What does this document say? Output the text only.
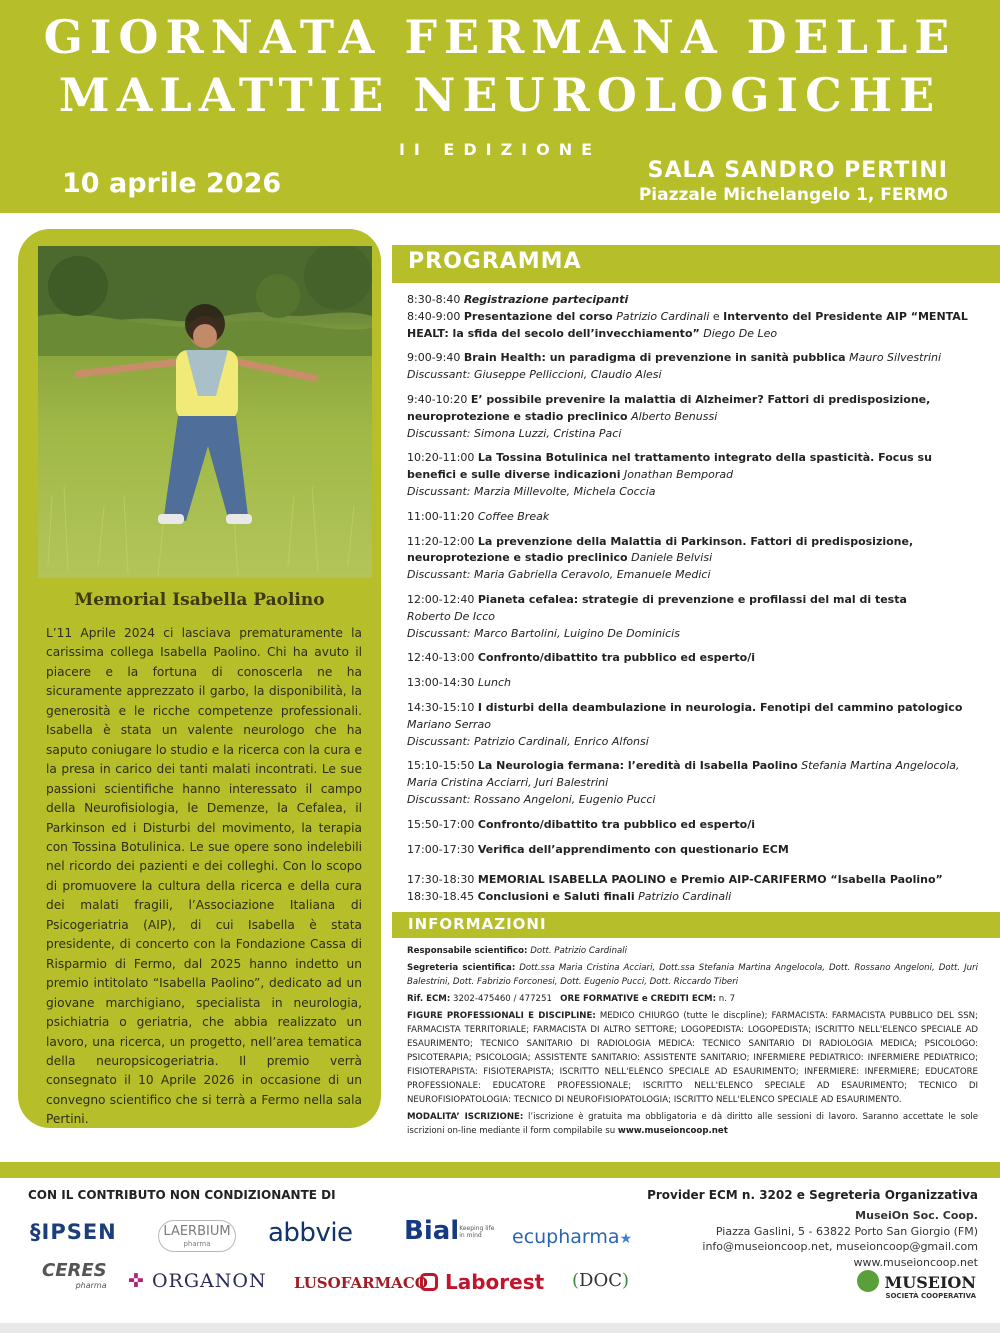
GIORNATA FERMANA DELLE
MALATTIE NEUROLOGICHE
II EDIZIONE
10 aprile 2026	SALA SANDRO PERTINI
Piazzale Michelangelo 1, FERMO
Memorial Isabella Paolino
L’11 Aprile 2024 ci lasciava prematuramente la carissima collega Isabella Paolino. Chi ha avuto il piacere e la fortuna di conoscerla ne ha sicuramente apprezzato il garbo, la disponibilità, la generosità e le ricche competenze professionali. Isabella è stata un valente neurologo che ha saputo coniugare lo studio e la ricerca con la cura e la presa in carico dei tanti malati incontrati. Le sue passioni scientifiche hanno interessato il campo della Neurofisiologia, le Demenze, la Cefalea, il Parkinson ed i Disturbi del movimento, la terapia con Tossina Botulinica. Le sue opere sono indelebili nel ricordo dei pazienti e dei colleghi. Con lo scopo di promuovere la cultura della ricerca e della cura dei malati fragili, l’Associazione Italiana di Psicogeriatria (AIP), di cui Isabella è stata presidente, di concerto con la Fondazione Cassa di Risparmio di Fermo, dal 2025 hanno indetto un premio intitolato “Isabella Paolino”, dedicato ad un giovane marchigiano, specialista in neurologia, psichiatria o geriatria, che abbia realizzato un lavoro, una ricerca, un progetto, nell’area tematica della neuropsicogeriatria. Il premio verrà consegnato il 10 Aprile 2026 in occasione di un convegno scientifico che si terrà a Fermo nella sala Pertini.
PROGRAMMA
8:30-8:40 Registrazione partecipanti
8:40-9:00 Presentazione del corso Patrizio Cardinali e Intervento del Presidente AIP “MENTAL HEALT: la sfida del secolo dell’invecchiamento” Diego De Leo
9:00-9:40 Brain Health: un paradigma di prevenzione in sanità pubblica Mauro Silvestrini
Discussant: Giuseppe Pelliccioni, Claudio Alesi
9:40-10:20 E’ possibile prevenire la malattia di Alzheimer? Fattori di predisposizione, neuroprotezione e stadio preclinico Alberto Benussi
Discussant: Simona Luzzi, Cristina Paci
10:20-11:00 La Tossina Botulinica nel trattamento integrato della spasticità. Focus su benefici e sulle diverse indicazioni Jonathan Bemporad
Discussant: Marzia Millevolte, Michela Coccia
11:00-11:20 Coffee Break
11:20-12:00 La prevenzione della Malattia di Parkinson. Fattori di predisposizione, neuroprotezione e stadio preclinico Daniele Belvisi
Discussant: Maria Gabriella Ceravolo, Emanuele Medici
12:00-12:40 Pianeta cefalea: strategie di prevenzione e profilassi del mal di testa
Roberto De Icco
Discussant: Marco Bartolini, Luigino De Dominicis
12:40-13:00 Confronto/dibattito tra pubblico ed esperto/i
13:00-14:30 Lunch
14:30-15:10 I disturbi della deambulazione in neurologia. Fenotipi del cammino patologico
Mariano Serrao
Discussant: Patrizio Cardinali, Enrico Alfonsi
15:10-15:50 La Neurologia fermana: l’eredità di Isabella Paolino Stefania Martina Angelocola, Maria Cristina Acciarri, Juri Balestrini
Discussant: Rossano Angeloni, Eugenio Pucci
15:50-17:00 Confronto/dibattito tra pubblico ed esperto/i
17:00-17:30 Verifica dell’apprendimento con questionario ECM
17:30-18:30 MEMORIAL ISABELLA PAOLINO e Premio AIP-CARIFERMO “Isabella Paolino”
18:30-18.45 Conclusioni e Saluti finali Patrizio Cardinali
INFORMAZIONI

Responsabile scientifico: Dott. Patrizio Cardinali

Segreteria scientifica: Dott.ssa Maria Cristina Acciari, Dott.ssa Stefania Martina Angelocola, Dott. Rossano Angeloni, Dott. Juri Balestrini, Dott. Fabrizio Forconesi, Dott. Eugenio Pucci, Dott. Riccardo Tiberi

Rif. ECM: 3202-475460 / 477251 ORE FORMATIVE e CREDITI ECM: n. 7

FIGURE PROFESSIONALI E DISCIPLINE: MEDICO CHIURGO (tutte le discpline); FARMACISTA: FARMACISTA PUBBLICO DEL SSN; FARMACISTA TERRITORIALE; FARMACISTA DI ALTRO SETTORE; LOGOPEDISTA: LOGOPEDISTA; ISCRITTO NELL'ELENCO SPECIALE AD ESAURIMENTO; TECNICO SANITARIO DI RADIOLOGIA MEDICA: TECNICO SANITARIO DI RADIOLOGIA MEDICA; PSICOLOGO: PSICOTERAPIA; PSICOLOGIA; ASSISTENTE SANITARIO: ASSISTENTE SANITARIO; INFERMIERE PEDIATRICO: INFERMIERE PEDIATRICO; FISIOTERAPISTA: FISIOTERAPISTA; ISCRITTO NELL'ELENCO SPECIALE AD ESAURIMENTO; INFERMIERE: INFERMIERE; EDUCATORE PROFESSIONALE: EDUCATORE PROFESSIONALE; ISCRITTO NELL'ELENCO SPECIALE AD ESAURIMENTO; TECNICO DI NEUROFISIOPATOLOGIA: TECNICO DI NEUROFISIOPATOLOGIA; ISCRITTO NELL'ELENCO SPECIALE AD ESAURIMENTO.

MODALITA’ ISCRIZIONE: l’iscrizione è gratuita ma obbligatoria e dà diritto alle sessioni di lavoro. Saranno accettate le sole iscrizioni on-line mediante il form compilabile su www.museioncoop.net

CON IL CONTRIBUTO NON CONDIZIONANTE DI	Provider ECM n. 3202 e Segreteria Organizzativa
MuseiOn Soc. Coop.
Piazza Gaslini, 5 - 63822 Porto San Giorgio (FM)
info@museioncoop.net, museioncoop@gmail.com
www.museioncoop.net
§IPSEN	LAERBIUM
pharma	abbvie BialKeeping life in mind	ecupharma★
CERES
pharma ✜ ORGANON LUSOFARMACO Laborest (DOC)	MUSEION
SOCIETÀ COOPERATIVA
